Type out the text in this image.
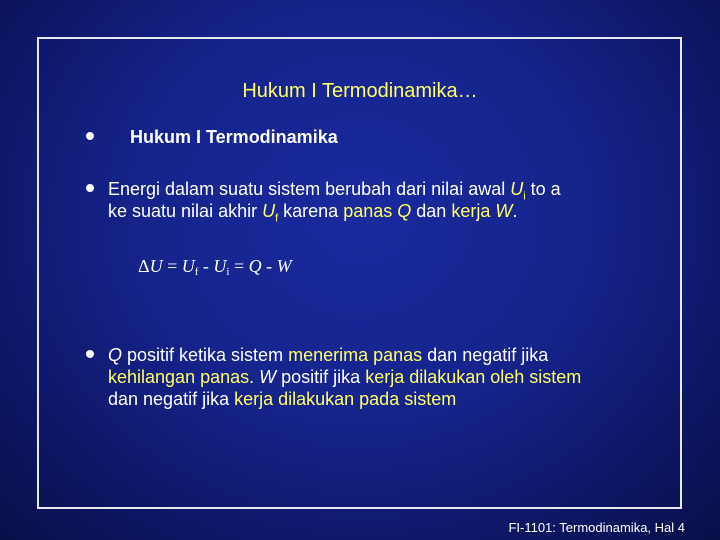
Hukum I Termodinamika…
Hukum I Termodinamika
Energi dalam suatu sistem berubah dari nilai awal $U_i$ to a
ke suatu nilai akhir $U_f$ karena panas Q dan kerja W.
$\Delta U = U_f - U_i = Q - W$
Q positif ketika sistem menerima panas dan negatif jika
kehilangan panas. W positif jika kerja dilakukan oleh sistem
dan negatif jika kerja dilakukan pada sistem
FI-1101: Termodinamika, Hal 4
